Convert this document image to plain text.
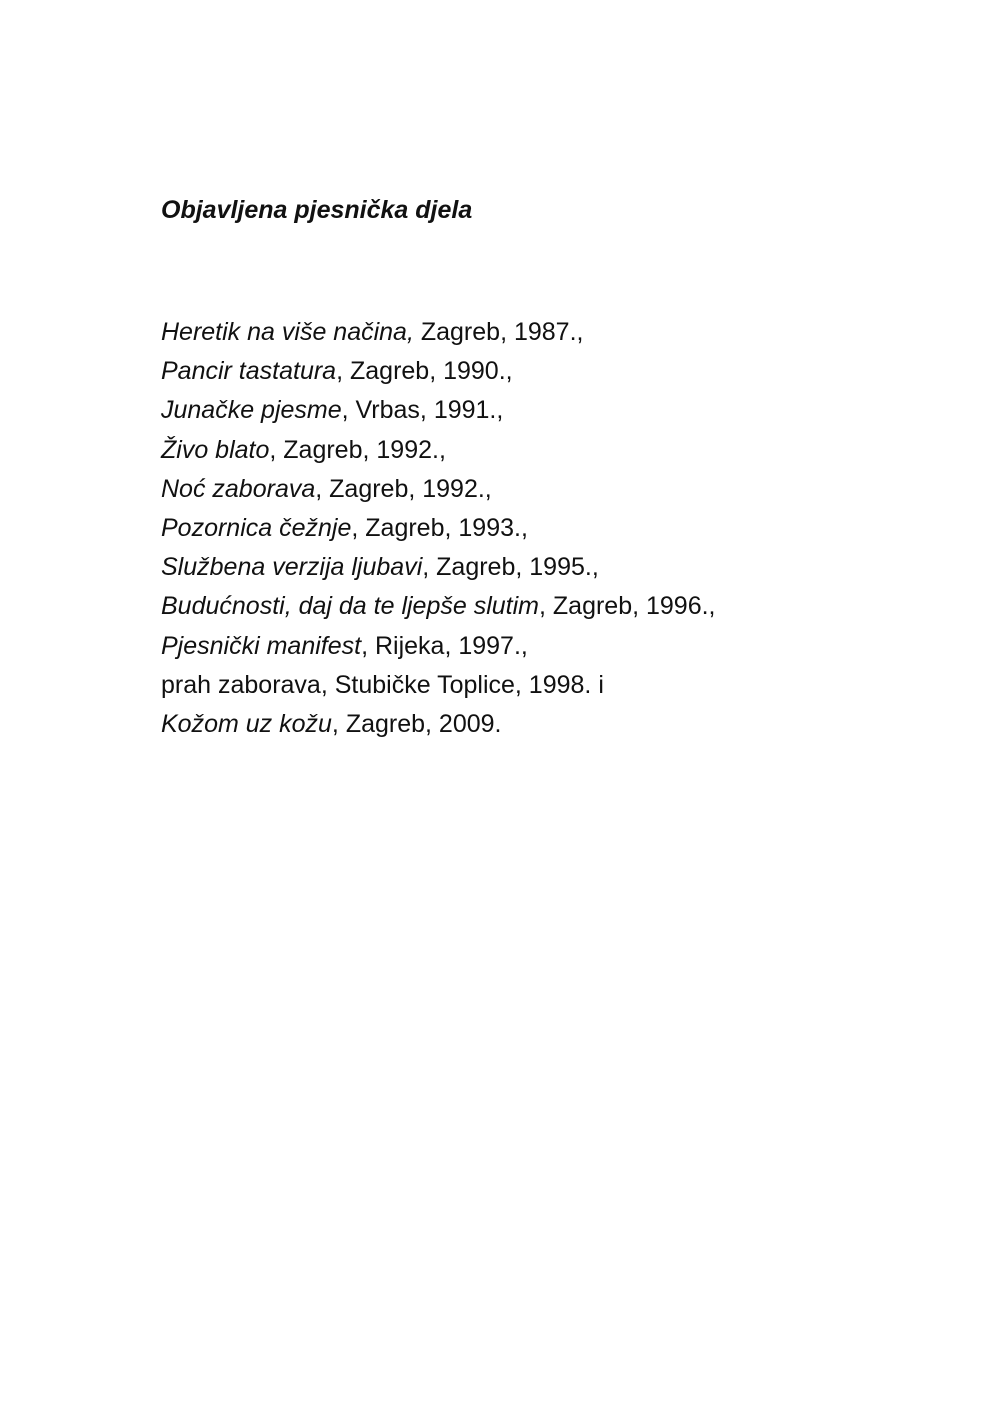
Objavljena pjesnička djela
Heretik na više načina, Zagreb, 1987.,
Pancir tastatura, Zagreb, 1990.,
Junačke pjesme, Vrbas, 1991.,
Živo blato, Zagreb, 1992.,
Noć zaborava, Zagreb, 1992.,
Pozornica čežnje, Zagreb, 1993.,
Službena verzija ljubavi, Zagreb, 1995.,
Budućnosti, daj da te ljepše slutim, Zagreb, 1996.,
Pjesnički manifest, Rijeka, 1997.,
prah zaborava, Stubičke Toplice, 1998. i
Kožom uz kožu, Zagreb, 2009.
